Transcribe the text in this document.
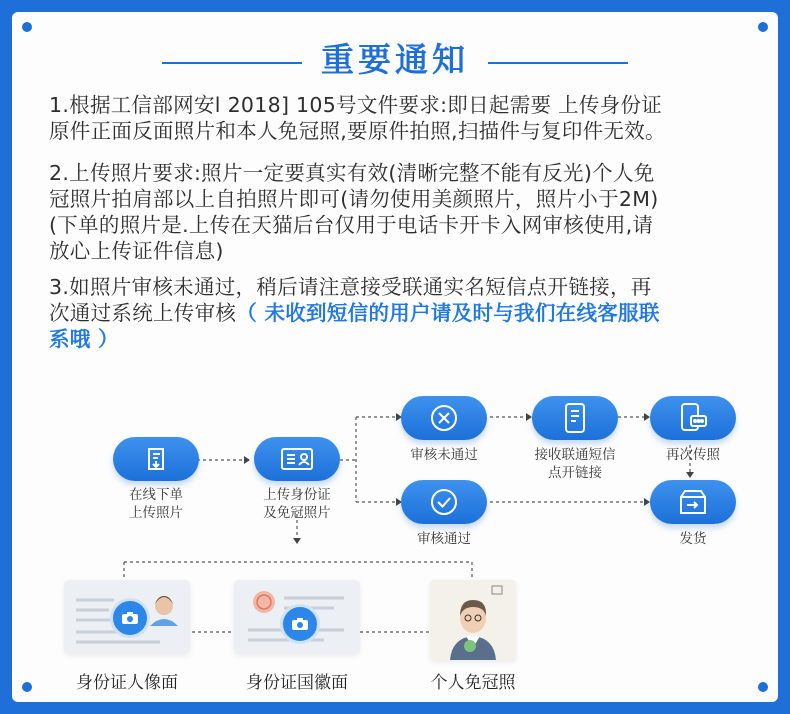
重要通知
1.根据工信部网安l 2018] 105号文件要求:即日起需要 上传身份证
原件正面反面照片和本人免冠照,要原件拍照,扫描件与复印件无效。
2.上传照片要求:照片一定要真实有效(清晰完整不能有反光)个人免
冠照片拍肩部以上自拍照片即可(请勿使用美颜照片，照片小于2M)
(下单的照片是.上传在天猫后台仅用于电话卡开卡入网审核使用,请
放心上传证件信息)
3.如照片审核未通过，稍后请注意接受联通实名短信点开链接，再
次通过系统上传审核（ 未收到短信的用户请及时与我们在线客服联
系哦 ）
在线下单
上传照片
上传身份证
及免冠照片
审核未通过	接收联通短信
点开链接
再次传照
审核通过	发货
身份证人像面	身份证国徽面	个人免冠照
